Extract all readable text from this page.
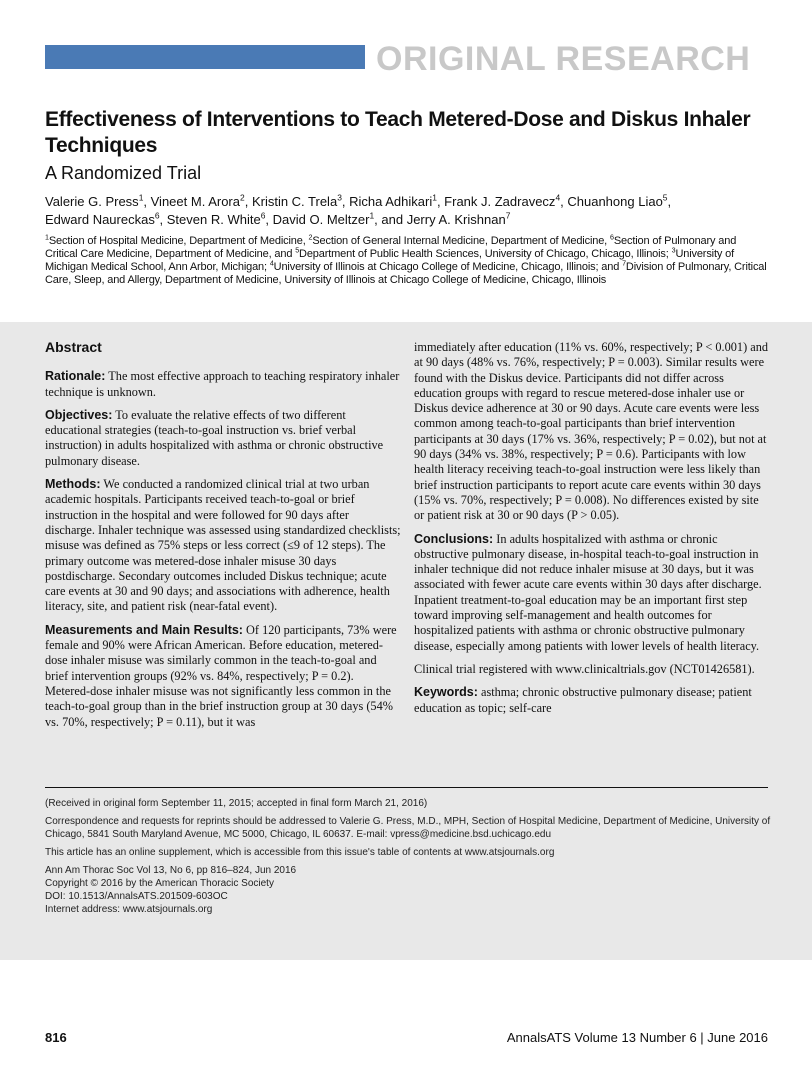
ORIGINAL RESEARCH
Effectiveness of Interventions to Teach Metered-Dose and Diskus Inhaler Techniques
A Randomized Trial
Valerie G. Press$^1$, Vineet M. Arora$^2$, Kristin C. Trela$^3$, Richa Adhikari$^1$, Frank J. Zadravecz$^4$, Chuanhong Liao$^5$,
Edward Naureckas$^6$, Steven R. White$^6$, David O. Meltzer$^1$, and Jerry A. Krishnan$^7$
$^1$Section of Hospital Medicine, Department of Medicine, $^2$Section of General Internal Medicine, Department of Medicine, $^6$Section of Pulmonary and Critical Care Medicine, Department of Medicine, and $^5$Department of Public Health Sciences, University of Chicago, Chicago, Illinois; $^3$University of Michigan Medical School, Ann Arbor, Michigan; $^4$University of Illinois at Chicago College of Medicine, Chicago, Illinois; and $^7$Division of Pulmonary, Critical Care, Sleep, and Allergy, Department of Medicine, University of Illinois at Chicago College of Medicine, Chicago, Illinois
Abstract

Rationale: The most effective approach to teaching respiratory inhaler technique is unknown.

Objectives: To evaluate the relative effects of two different educational strategies (teach-to-goal instruction vs. brief verbal instruction) in adults hospitalized with asthma or chronic obstructive pulmonary disease.

Methods: We conducted a randomized clinical trial at two urban academic hospitals. Participants received teach-to-goal or brief instruction in the hospital and were followed for 90 days after discharge. Inhaler technique was assessed using standardized checklists; misuse was defined as 75% steps or less correct (≤9 of 12 steps). The primary outcome was metered-dose inhaler misuse 30 days postdischarge. Secondary outcomes included Diskus technique; acute care events at 30 and 90 days; and associations with adherence, health literacy, site, and patient risk (near-fatal event).

Measurements and Main Results: Of 120 participants, 73% were female and 90% were African American. Before education, metered-dose inhaler misuse was similarly common in the teach-to-goal and brief intervention groups (92% vs. 84%, respectively; P = 0.2). Metered-dose inhaler misuse was not significantly less common in the teach-to-goal group than in the brief instruction group at 30 days (54% vs. 70%, respectively; P = 0.11), but it was

immediately after education (11% vs. 60%, respectively; P < 0.001) and at 90 days (48% vs. 76%, respectively; P = 0.003). Similar results were found with the Diskus device. Participants did not differ across education groups with regard to rescue metered-dose inhaler use or Diskus device adherence at 30 or 90 days. Acute care events were less common among teach-to-goal participants than brief intervention participants at 30 days (17% vs. 36%, respectively; P = 0.02), but not at 90 days (34% vs. 38%, respectively; P = 0.6). Participants with low health literacy receiving teach-to-goal instruction were less likely than brief instruction participants to report acute care events within 30 days (15% vs. 70%, respectively; P = 0.008). No differences existed by site or patient risk at 30 or 90 days (P > 0.05).

Conclusions: In adults hospitalized with asthma or chronic obstructive pulmonary disease, in-hospital teach-to-goal instruction in inhaler technique did not reduce inhaler misuse at 30 days, but it was associated with fewer acute care events within 30 days after discharge. Inpatient treatment-to-goal education may be an important first step toward improving self-management and health outcomes for hospitalized patients with asthma or chronic obstructive pulmonary disease, especially among patients with lower levels of health literacy.

Clinical trial registered with www.clinicaltrials.gov (NCT01426581).

Keywords: asthma; chronic obstructive pulmonary disease; patient education as topic; self-care

(Received in original form September 11, 2015; accepted in final form March 21, 2016)

Correspondence and requests for reprints should be addressed to Valerie G. Press, M.D., MPH, Section of Hospital Medicine, Department of Medicine, University of Chicago, 5841 South Maryland Avenue, MC 5000, Chicago, IL 60637. E-mail: vpress@medicine.bsd.uchicago.edu

This article has an online supplement, which is accessible from this issue's table of contents at www.atsjournals.org

Ann Am Thorac Soc Vol 13, No 6, pp 816–824, Jun 2016
Copyright © 2016 by the American Thoracic Society
DOI: 10.1513/AnnalsATS.201509-603OC
Internet address: www.atsjournals.org
816	AnnalsATS Volume 13 Number 6 | June 2016
